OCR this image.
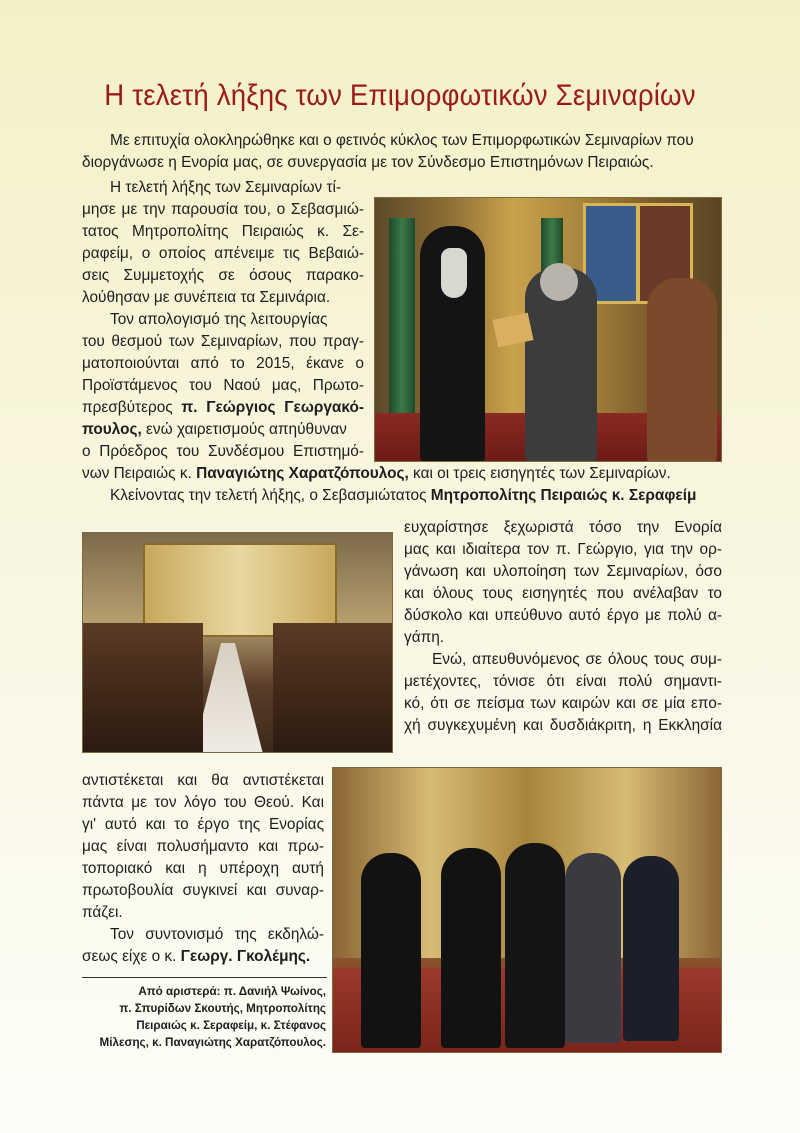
Η τελετή λήξης των Επιμορφωτικών Σεμιναρίων
Με επιτυχία ολοκληρώθηκε και ο φετινός κύκλος των Επιμορφωτικών Σεμιναρίων που
διοργάνωσε η Ενορία μας, σε συνεργασία με τον Σύνδεσμο Επιστημόνων Πειραιώς.
Η τελετή λήξης των Σεμιναρίων τί-
μησε με την παρουσία του, ο Σεβασμιώ-
τατος Μητροπολίτης Πειραιώς κ. Σε-
ραφείμ, ο οποίος απένειμε τις Βεβαιώ-
σεις Συμμετοχής σε όσους παρακο-
λούθησαν με συνέπεια τα Σεμινάρια.
Τον απολογισμό της λειτουργίας
του θεσμού των Σεμιναρίων, που πραγ-
ματοποιούνται από το 2015, έκανε ο
Προϊστάμενος του Ναού μας, Πρωτο-
πρεσβύτερος π. Γεώργιος Γεωργακό-
πουλος, ενώ χαιρετισμούς απηύθυναν
ο Πρόεδρος του Συνδέσμου Επιστημό-
νων Πειραιώς κ. Παναγιώτης Χαρατζόπουλος, και οι τρεις εισηγητές των Σεμιναρίων.
Κλείνοντας την τελετή λήξης, ο Σεβασμιώτατος Μητροπολίτης Πειραιώς κ. Σεραφείμ
ευχαρίστησε ξεχωριστά τόσο την Ενορία
μας και ιδιαίτερα τον π. Γεώργιο, για την ορ-
γάνωση και υλοποίηση των Σεμιναρίων, όσο
και όλους τους εισηγητές που ανέλαβαν το
δύσκολο και υπεύθυνο αυτό έργο με πολύ α-
γάπη.
Ενώ, απευθυνόμενος σε όλους τους συμ-
μετέχοντες, τόνισε ότι είναι πολύ σημαντι-
κό, ότι σε πείσμα των καιρών και σε μία επο-
χή συγκεχυμένη και δυσδιάκριτη, η Εκκλησία
αντιστέκεται και θα αντιστέκεται
πάντα με τον λόγο του Θεού. Και
γι' αυτό και το έργο της Ενορίας
μας είναι πολυσήμαντο και πρω-
τοποριακό και η υπέροχη αυτή
πρωτοβουλία συγκινεί και συναρ-
πάζει.
Τον συντονισμό της εκδηλώ-
σεως είχε ο κ. Γεωργ. Γκολέμης.
Από αριστερά: π. Δανιήλ Ψωίνος,
π. Σπυρίδων Σκουτής, Μητροπολίτης
Πειραιώς κ. Σεραφείμ, κ. Στέφανος
Μίλεσης, κ. Παναγιώτης Χαρατζόπουλος.
